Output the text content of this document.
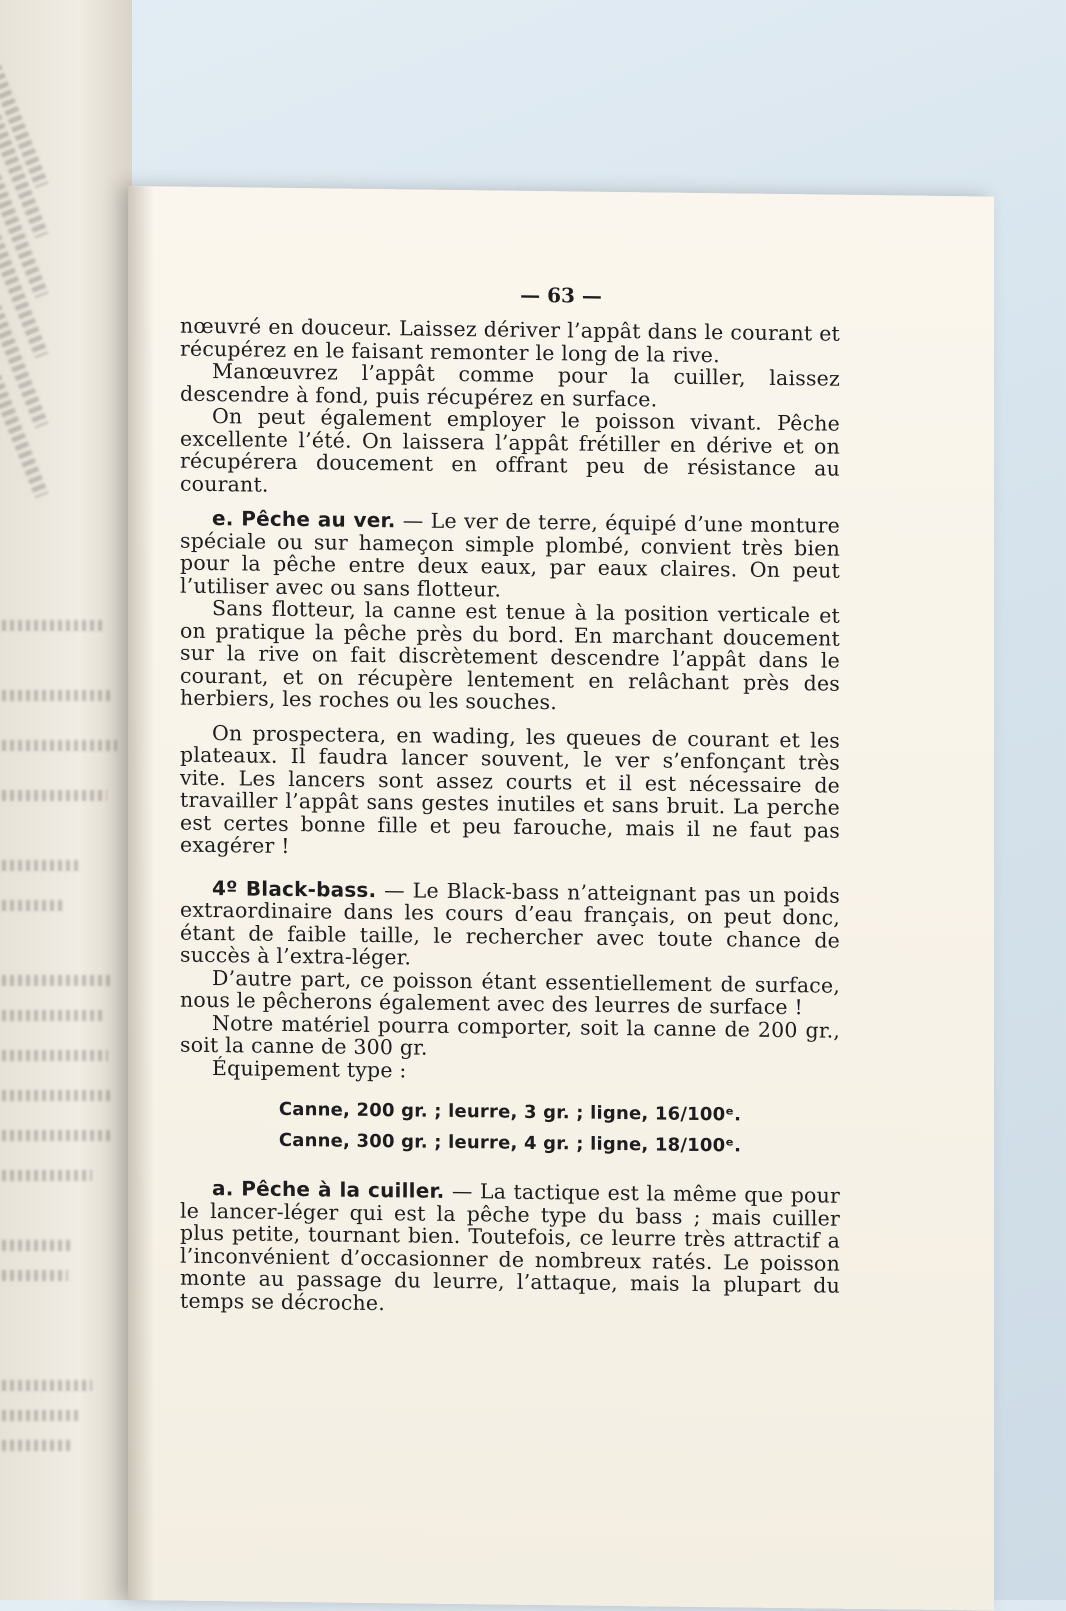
— 63 —

nœuvré en douceur. Laissez dériver l’appât dans le courant et récupérez en le faisant remonter le long de la rive.

Manœuvrez l’appât comme pour la cuiller, laissez descendre à fond, puis récupérez en surface.

On peut également employer le poisson vivant. Pêche excellente l’été. On laissera l’appât frétiller en dérive et on récupérera doucement en offrant peu de résistance au courant.

e. Pêche au ver. — Le ver de terre, équipé d’une monture spéciale ou sur hameçon simple plombé, convient très bien pour la pêche entre deux eaux, par eaux claires. On peut l’utiliser avec ou sans flotteur.

Sans flotteur, la canne est tenue à la position verticale et on pratique la pêche près du bord. En marchant doucement sur la rive on fait discrètement descendre l’appât dans le courant, et on récupère lentement en relâchant près des herbiers, les roches ou les souches.

On prospectera, en wading, les queues de courant et les plateaux. Il faudra lancer souvent, le ver s’enfonçant très vite. Les lancers sont assez courts et il est nécessaire de travailler l’appât sans gestes inutiles et sans bruit. La perche est certes bonne fille et peu farouche, mais il ne faut pas exagérer !

4º Black-bass. — Le Black-bass n’atteignant pas un poids extraordinaire dans les cours d’eau français, on peut donc, étant de faible taille, le rechercher avec toute chance de succès à l’extra-léger.

D’autre part, ce poisson étant essentiellement de surface, nous le pêcherons également avec des leurres de surface !

Notre matériel pourra comporter, soit la canne de 200 gr., soit la canne de 300 gr.

Équipement type :

Canne, 200 gr. ; leurre, 3 gr. ; ligne, 16/100ᵉ.

Canne, 300 gr. ; leurre, 4 gr. ; ligne, 18/100ᵉ.

a. Pêche à la cuiller. — La tactique est la même que pour le lancer-léger qui est la pêche type du bass ; mais cuiller plus petite, tournant bien. Toutefois, ce leurre très attractif a l’inconvénient d’occasionner de nombreux ratés. Le poisson monte au passage du leurre, l’attaque, mais la plupart du temps se décroche.
